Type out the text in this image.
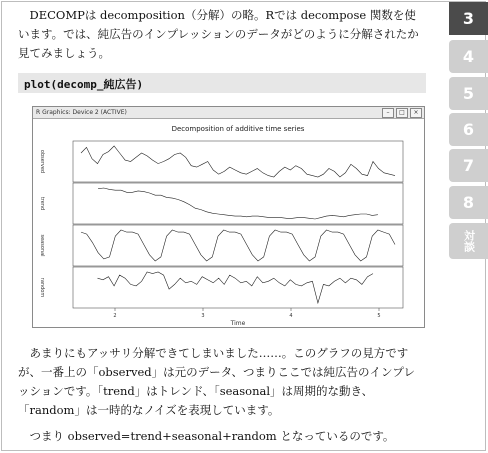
　DECOMPは decomposition（分解）の略。Rでは decompose 関数を使います。では、純広告のインプレッションのデータがどのように分解されたか見てみましょう。

plot(decomp_純広告)
R Graphics: Device 2 (ACTIVE)	–	□	×
Decomposition of additive time series
observed
trend
seasonal
random
2	3	4	5
Time

　あまりにもアッサリ分解できてしまいました……。このグラフの見方ですが、一番上の「observed」は元のデータ、つまりここでは純広告のインプレッションです。「trend」はトレンド、「seasonal」は周期的な動き、「random」は一時的なノイズを表現しています。

　つまり observed=trend+seasonal+random となっているのです。

3
4
5
6
7
8
対談
